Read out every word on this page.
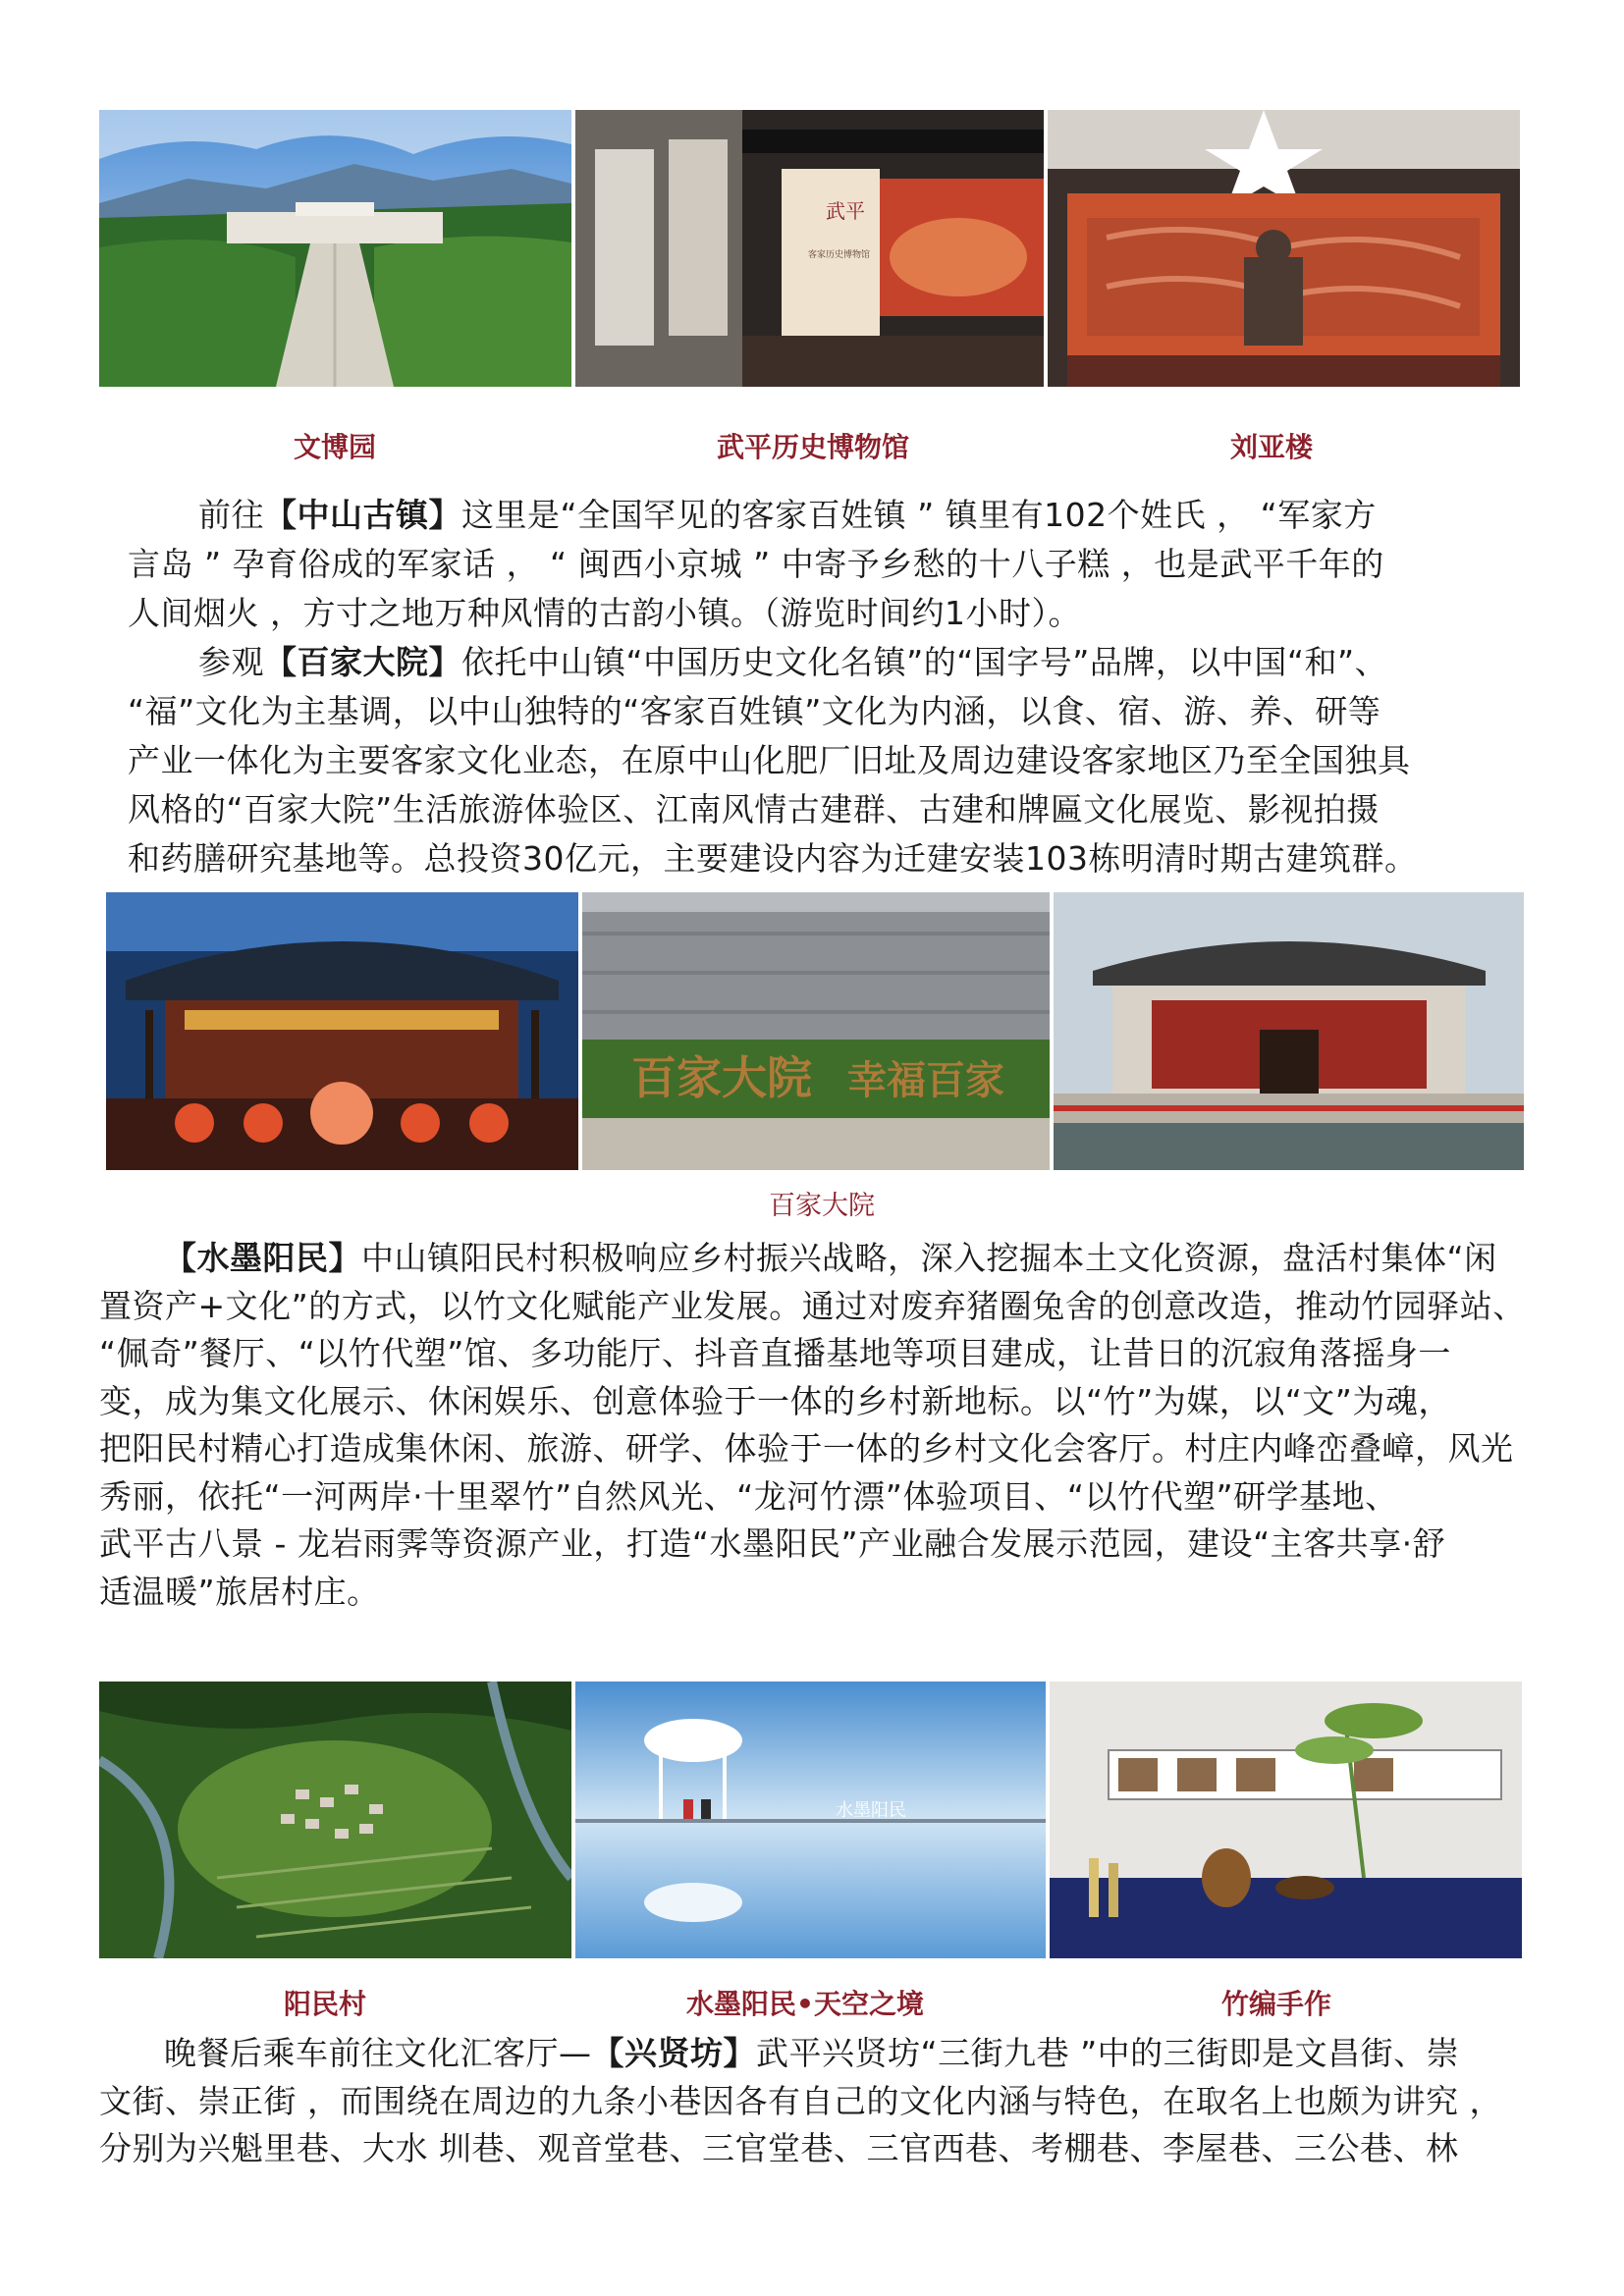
武平
客家历史博物馆
文博园	武平历史博物馆	刘亚楼
前往【中山古镇】这里是“全国罕见的客家百姓镇 ” 镇里有102个姓氏 ， “军家方
言岛 ” 孕育俗成的军家话 ， “ 闽西小京城 ” 中寄予乡愁的十八子糕 ，也是武平千年的
人间烟火 ，方寸之地万种风情的古韵小镇。（游览时间约1小时）。
参观【百家大院】依托中山镇“中国历史文化名镇”的“国字号”品牌，以中国“和”、
“福”文化为主基调，以中山独特的“客家百姓镇”文化为内涵，以食、宿、游、养、研等
产业一体化为主要客家文化业态，在原中山化肥厂旧址及周边建设客家地区乃至全国独具
风格的“百家大院”生活旅游体验区、江南风情古建群、古建和牌匾文化展览、影视拍摄
和药膳研究基地等。总投资30亿元，主要建设内容为迁建安装103栋明清时期古建筑群。
百家大院 幸福百家
百家大院
【水墨阳民】中山镇阳民村积极响应乡村振兴战略，深入挖掘本土文化资源，盘活村集体“闲
置资产+文化”的方式，以竹文化赋能产业发展。通过对废弃猪圈兔舍的创意改造，推动竹园驿站、
“佩奇”餐厅、“以竹代塑”馆、多功能厅、抖音直播基地等项目建成，让昔日的沉寂角落摇身一
变，成为集文化展示、休闲娱乐、创意体验于一体的乡村新地标。以“竹”为媒，以“文”为魂，
把阳民村精心打造成集休闲、旅游、研学、体验于一体的乡村文化会客厅。村庄内峰峦叠嶂，风光
秀丽，依托“一河两岸·十里翠竹”自然风光、“龙河竹漂”体验项目、“以竹代塑”研学基地、
武平古八景 - 龙岩雨霁等资源产业，打造“水墨阳民”产业融合发展示范园，建设“主客共享·舒
适温暖”旅居村庄。
水墨阳民
阳民村	水墨阳民•天空之境	竹编手作
晚餐后乘车前往文化汇客厅—【兴贤坊】武平兴贤坊“三街九巷 ”中的三街即是文昌街、崇
文街、崇正街 ，而围绕在周边的九条小巷因各有自己的文化内涵与特色，在取名上也颇为讲究 ，
分别为兴魁里巷、大水 圳巷、观音堂巷、三官堂巷、三官西巷、考棚巷、李屋巷、三公巷、林
